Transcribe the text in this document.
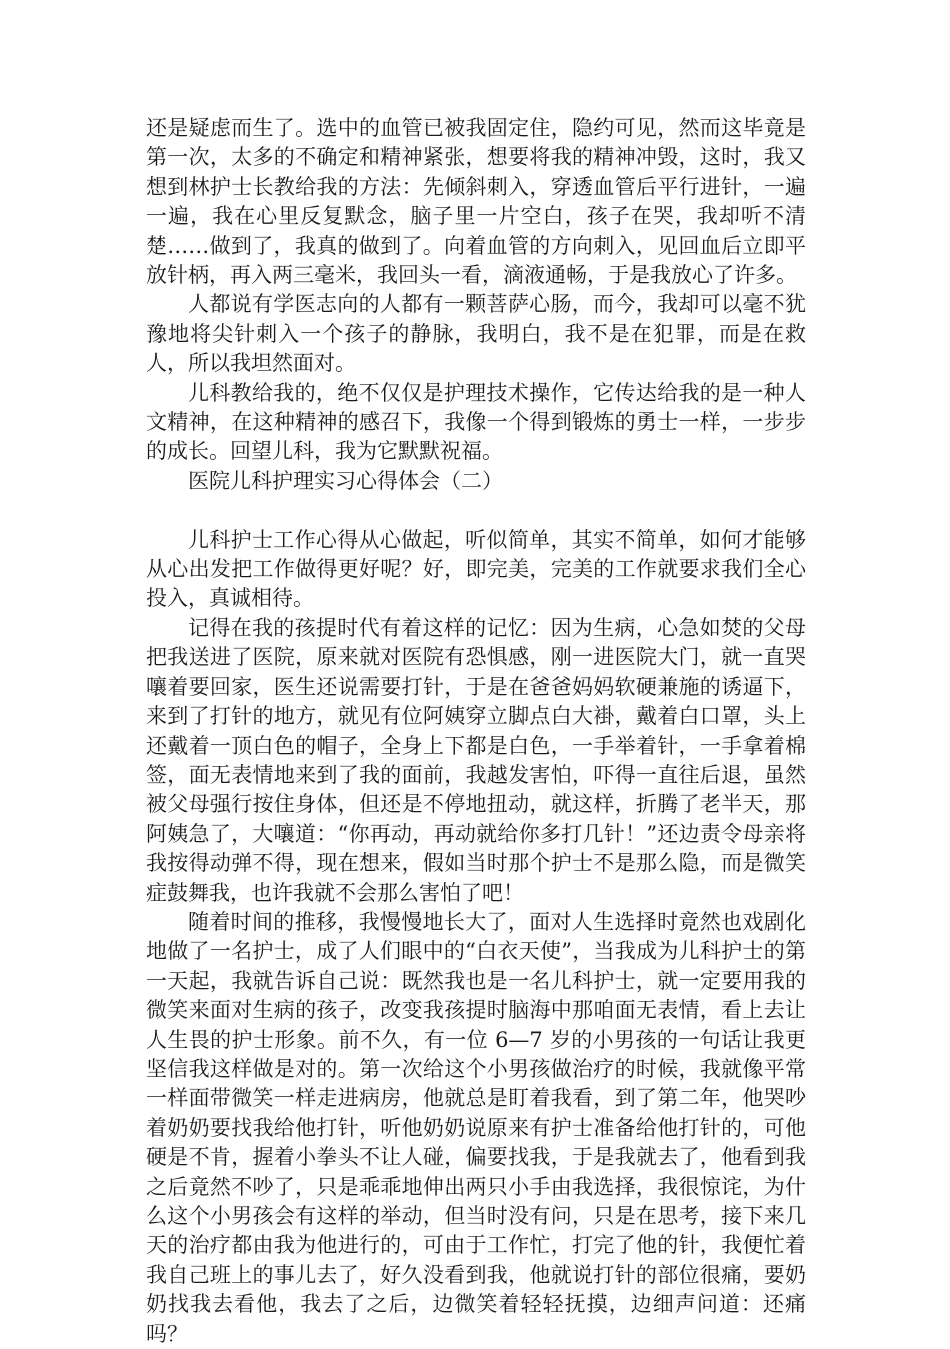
还是疑虑而生了。选中的血管已被我固定住，隐约可见，然而这毕竟是第一次，太多的不确定和精神紧张，想要将我的精神冲毁，这时，我又想到林护士长教给我的方法：先倾斜刺入，穿透血管后平行进针，一遍一遍，我在心里反复默念，脑子里一片空白，孩子在哭，我却听不清楚……做到了，我真的做到了。向着血管的方向刺入，见回血后立即平放针柄，再入两三毫米，我回头一看，滴液通畅，于是我放心了许多。

人都说有学医志向的人都有一颗菩萨心肠，而今，我却可以毫不犹豫地将尖针刺入一个孩子的静脉，我明白，我不是在犯罪，而是在救人，所以我坦然面对。

儿科教给我的，绝不仅仅是护理技术操作，它传达给我的是一种人文精神，在这种精神的感召下，我像一个得到锻炼的勇士一样，一步步的成长。回望儿科，我为它默默祝福。

医院儿科护理实习心得体会（二）

儿科护士工作心得从心做起，听似简单，其实不简单，如何才能够从心出发把工作做得更好呢？好，即完美，完美的工作就要求我们全心投入，真诚相待。

记得在我的孩提时代有着这样的记忆：因为生病，心急如焚的父母把我送进了医院，原来就对医院有恐惧感，刚一进医院大门，就一直哭嚷着要回家，医生还说需要打针，于是在爸爸妈妈软硬兼施的诱逼下，来到了打针的地方，就见有位阿姨穿立脚点白大褂，戴着白口罩，头上还戴着一顶白色的帽子，全身上下都是白色，一手举着针，一手拿着棉签，面无表情地来到了我的面前，我越发害怕，吓得一直往后退，虽然被父母强行按住身体，但还是不停地扭动，就这样，折腾了老半天，那阿姨急了，大嚷道：“你再动，再动就给你多打几针！”还边责令母亲将我按得动弹不得，现在想来，假如当时那个护士不是那么隐，而是微笑症鼓舞我，也许我就不会那么害怕了吧！

随着时间的推移，我慢慢地长大了，面对人生选择时竟然也戏剧化地做了一名护士，成了人们眼中的“白衣天使”，当我成为儿科护士的第一天起，我就告诉自己说：既然我也是一名儿科护士，就一定要用我的微笑来面对生病的孩子，改变我孩提时脑海中那咱面无表情，看上去让人生畏的护士形象。前不久，有一位 6—7 岁的小男孩的一句话让我更坚信我这样做是对的。第一次给这个小男孩做治疗的时候，我就像平常一样面带微笑一样走进病房，他就总是盯着我看，到了第二年，他哭吵着奶奶要找我给他打针，听他奶奶说原来有护士准备给他打针的，可他硬是不肯，握着小拳头不让人碰，偏要找我，于是我就去了，他看到我之后竟然不吵了，只是乖乖地伸出两只小手由我选择，我很惊诧，为什么这个小男孩会有这样的举动，但当时没有问，只是在思考，接下来几天的治疗都由我为他进行的，可由于工作忙，打完了他的针，我便忙着我自己班上的事儿去了，好久没看到我，他就说打针的部位很痛，要奶奶找我去看他，我去了之后，边微笑着轻轻抚摸，边细声问道：还痛吗？
